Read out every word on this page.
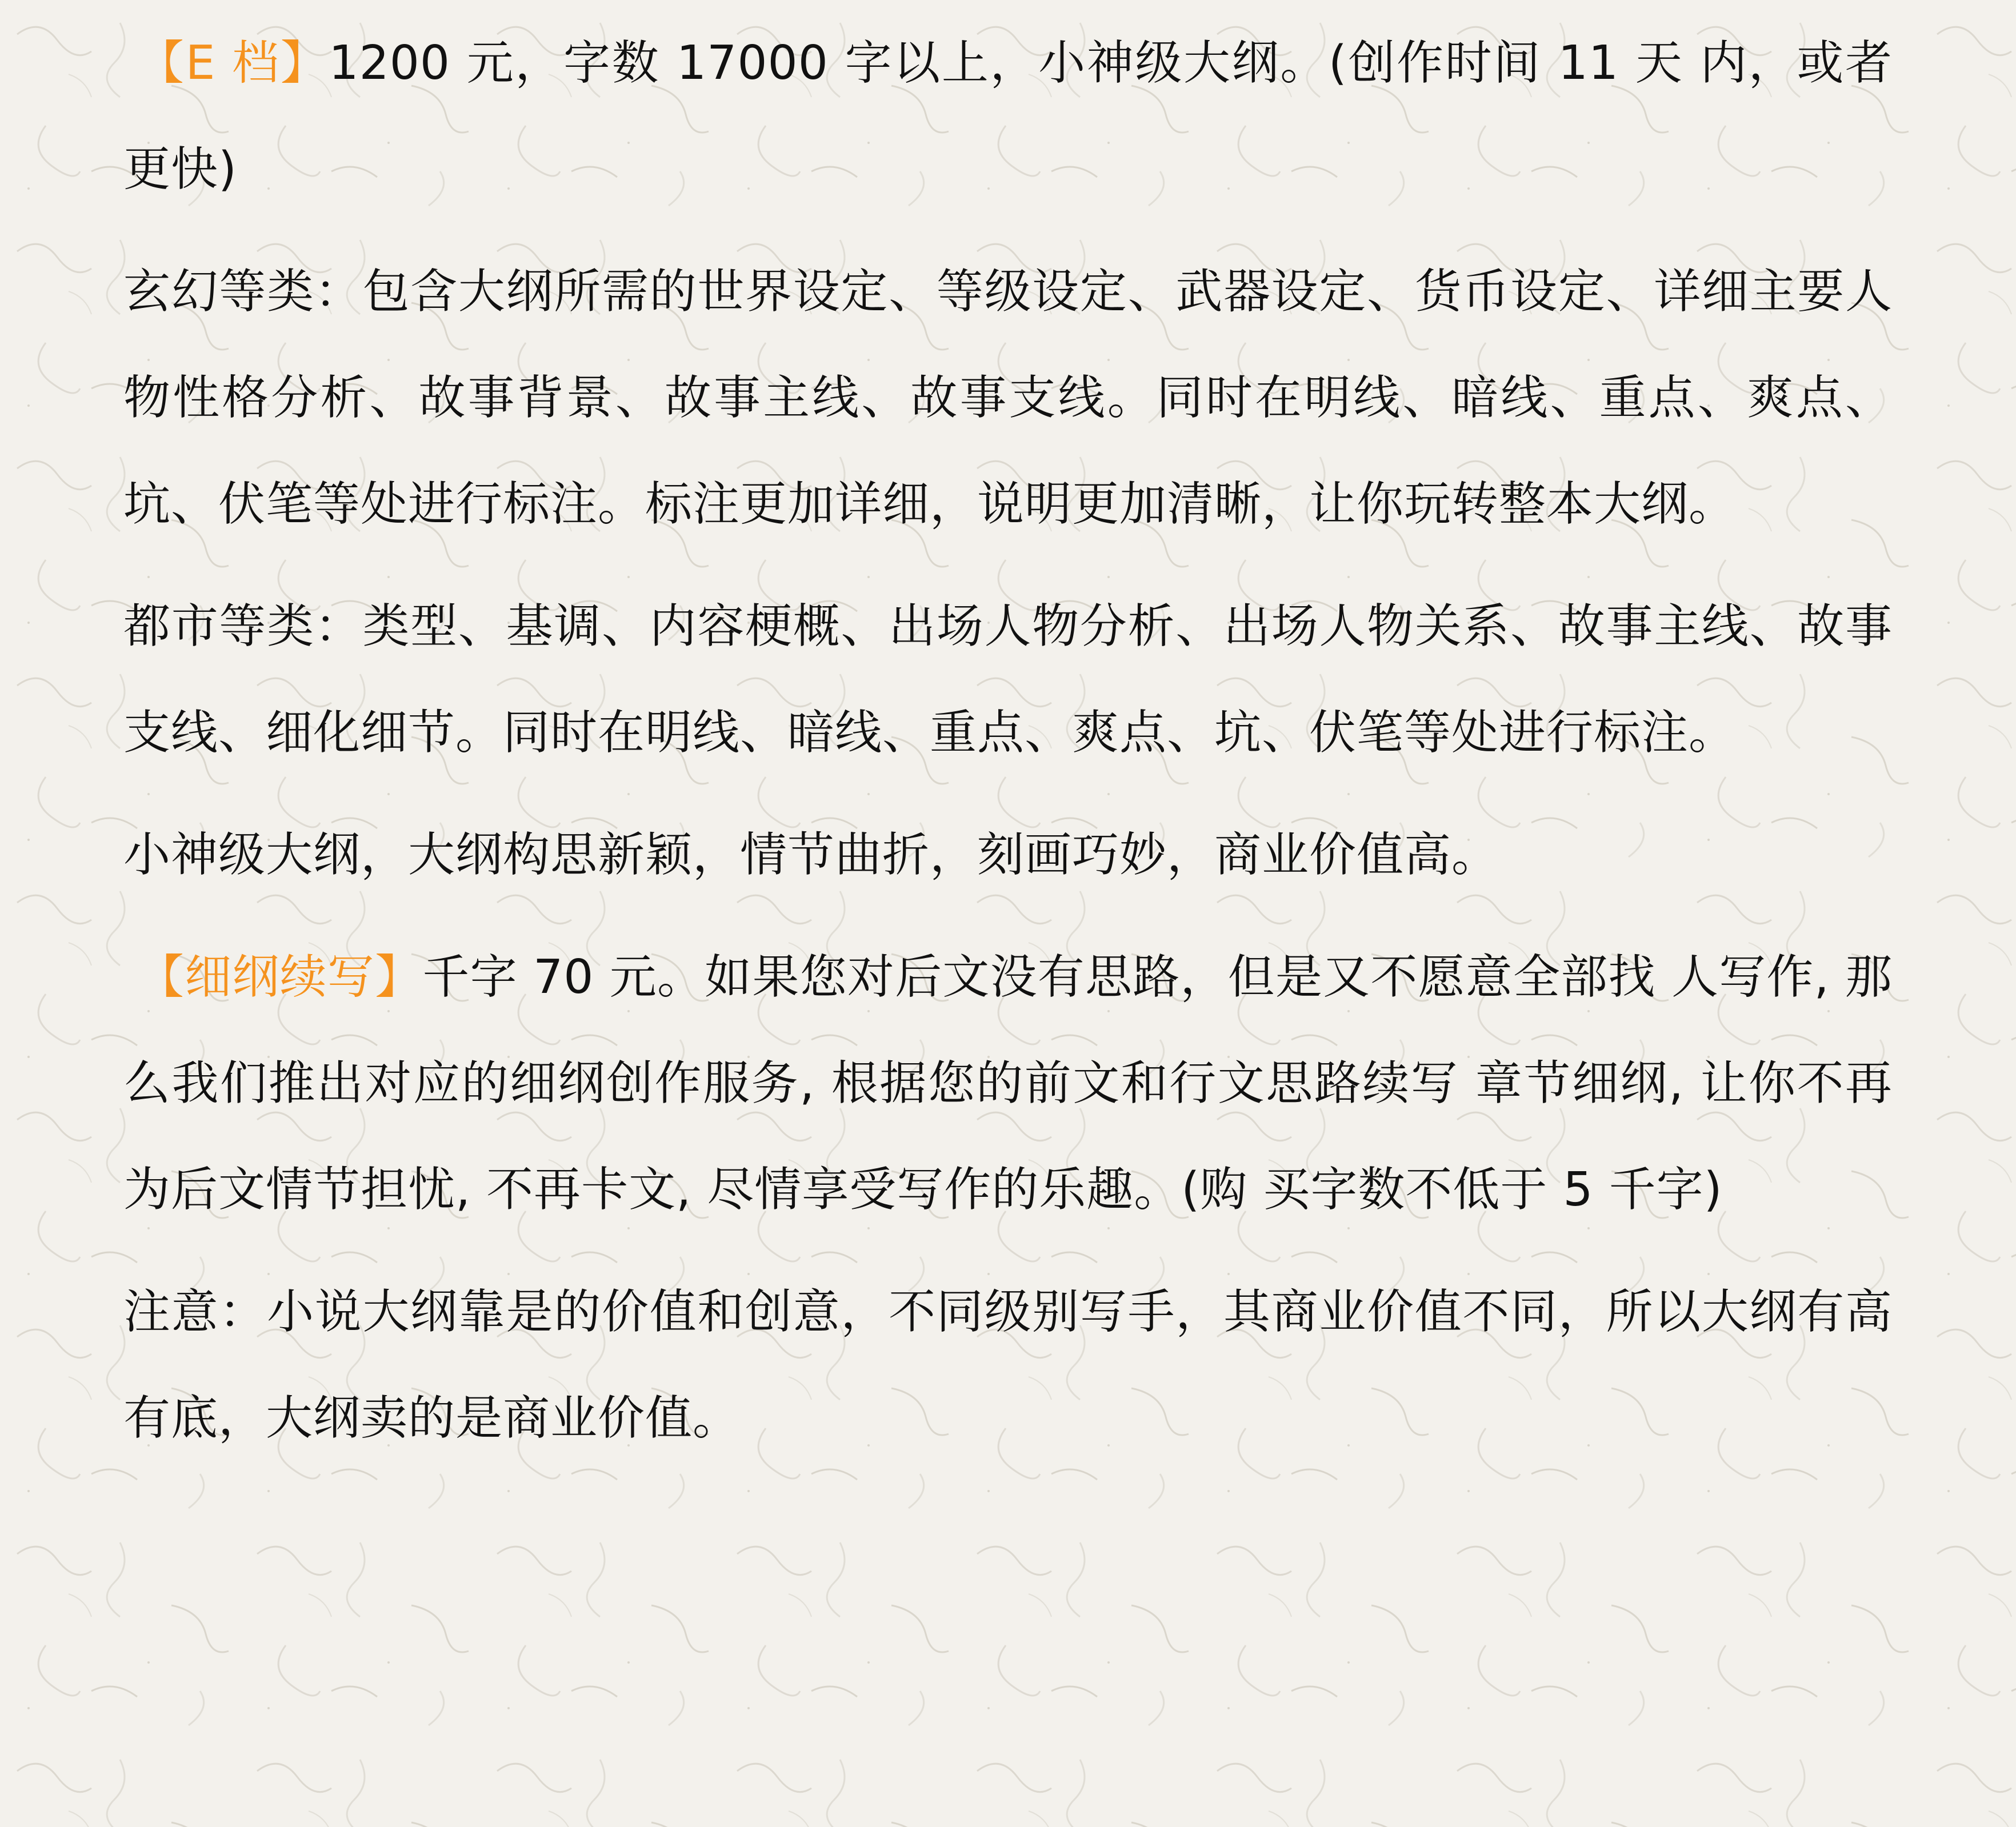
【E 档】1200 元，字数 17000 字以上，小神级大纲。(创作时间 11 天 内，或者更快)

玄幻等类：包含大纲所需的世界设定、等级设定、武器设定、货币设定、详细主要人物性格分析、故事背景、故事主线、故事支线。同时在明线、暗线、重点、爽点、坑、伏笔等处进行标注。标注更加详细，说明更加清晰，让你玩转整本大纲。

都市等类：类型、基调、内容梗概、出场人物分析、出场人物关系、故事主线、故事支线、细化细节。同时在明线、暗线、重点、爽点、坑、伏笔等处进行标注。

小神级大纲，大纲构思新颖，情节曲折，刻画巧妙，商业价值高。

【细纲续写】千字 70 元。如果您对后文没有思路，但是又不愿意全部找 人写作, 那么我们推出对应的细纲创作服务, 根据您的前文和行文思路续写 章节细纲, 让你不再为后文情节担忧, 不再卡文, 尽情享受写作的乐趣。(购 买字数不低于 5 千字)

注意：小说大纲靠是的价值和创意，不同级别写手，其商业价值不同，所以大纲有高有底，大纲卖的是商业价值。
